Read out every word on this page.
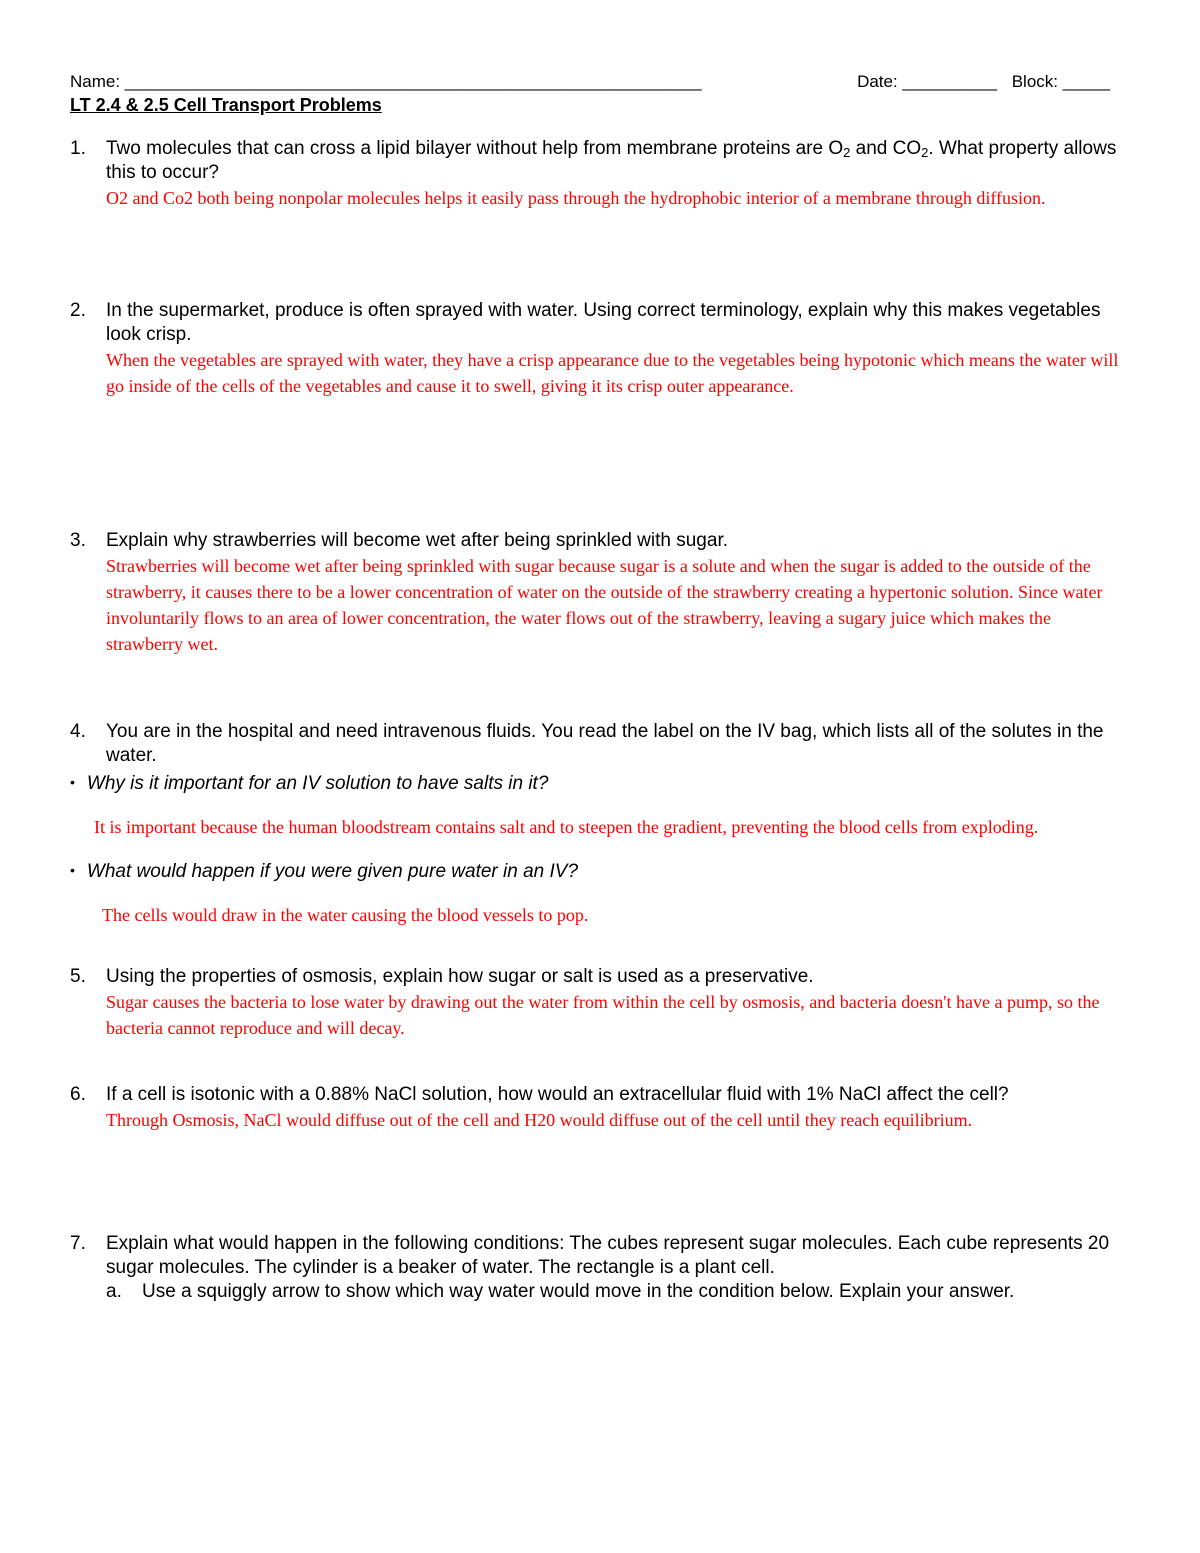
Name: _____________________________________________________________	Date: __________ Block: _____
LT 2.4 & 2.5 Cell Transport Problems
1.	Two molecules that can cross a lipid bilayer without help from membrane proteins are $O_2$ and $CO_2$. What property allows this to occur?
O2 and Co2 both being nonpolar molecules helps it easily pass through the hydrophobic interior of a membrane through diffusion.
2.	In the supermarket, produce is often sprayed with water. Using correct terminology, explain why this makes vegetables look crisp.
When the vegetables are sprayed with water, they have a crisp appearance due to the vegetables being hypotonic which means the water will go inside of the cells of the vegetables and cause it to swell, giving it its crisp outer appearance.
3.	Explain why strawberries will become wet after being sprinkled with sugar.
Strawberries will become wet after being sprinkled with sugar because sugar is a solute and when the sugar is added to the outside of the strawberry, it causes there to be a lower concentration of water on the outside of the strawberry creating a hypertonic solution. Since water involuntarily flows to an area of lower concentration, the water flows out of the strawberry, leaving a sugary juice which makes the strawberry wet.
4.	You are in the hospital and need intravenous fluids. You read the label on the IV bag, which lists all of the solutes in the water.
• Why is it important for an IV solution to have salts in it?
It is important because the human bloodstream contains salt and to steepen the gradient, preventing the blood cells from exploding.
• What would happen if you were given pure water in an IV?
The cells would draw in the water causing the blood vessels to pop.
5.	Using the properties of osmosis, explain how sugar or salt is used as a preservative.
Sugar causes the bacteria to lose water by drawing out the water from within the cell by osmosis, and bacteria doesn't have a pump, so the bacteria cannot reproduce and will decay.
6.	If a cell is isotonic with a 0.88% NaCl solution, how would an extracellular fluid with 1% NaCl affect the cell?
Through Osmosis, NaCl would diffuse out of the cell and H20 would diffuse out of the cell until they reach equilibrium.
7.	Explain what would happen in the following conditions: The cubes represent sugar molecules. Each cube represents 20 sugar molecules. The cylinder is a beaker of water. The rectangle is a plant cell.
a.	Use a squiggly arrow to show which way water would move in the condition below. Explain your answer.
